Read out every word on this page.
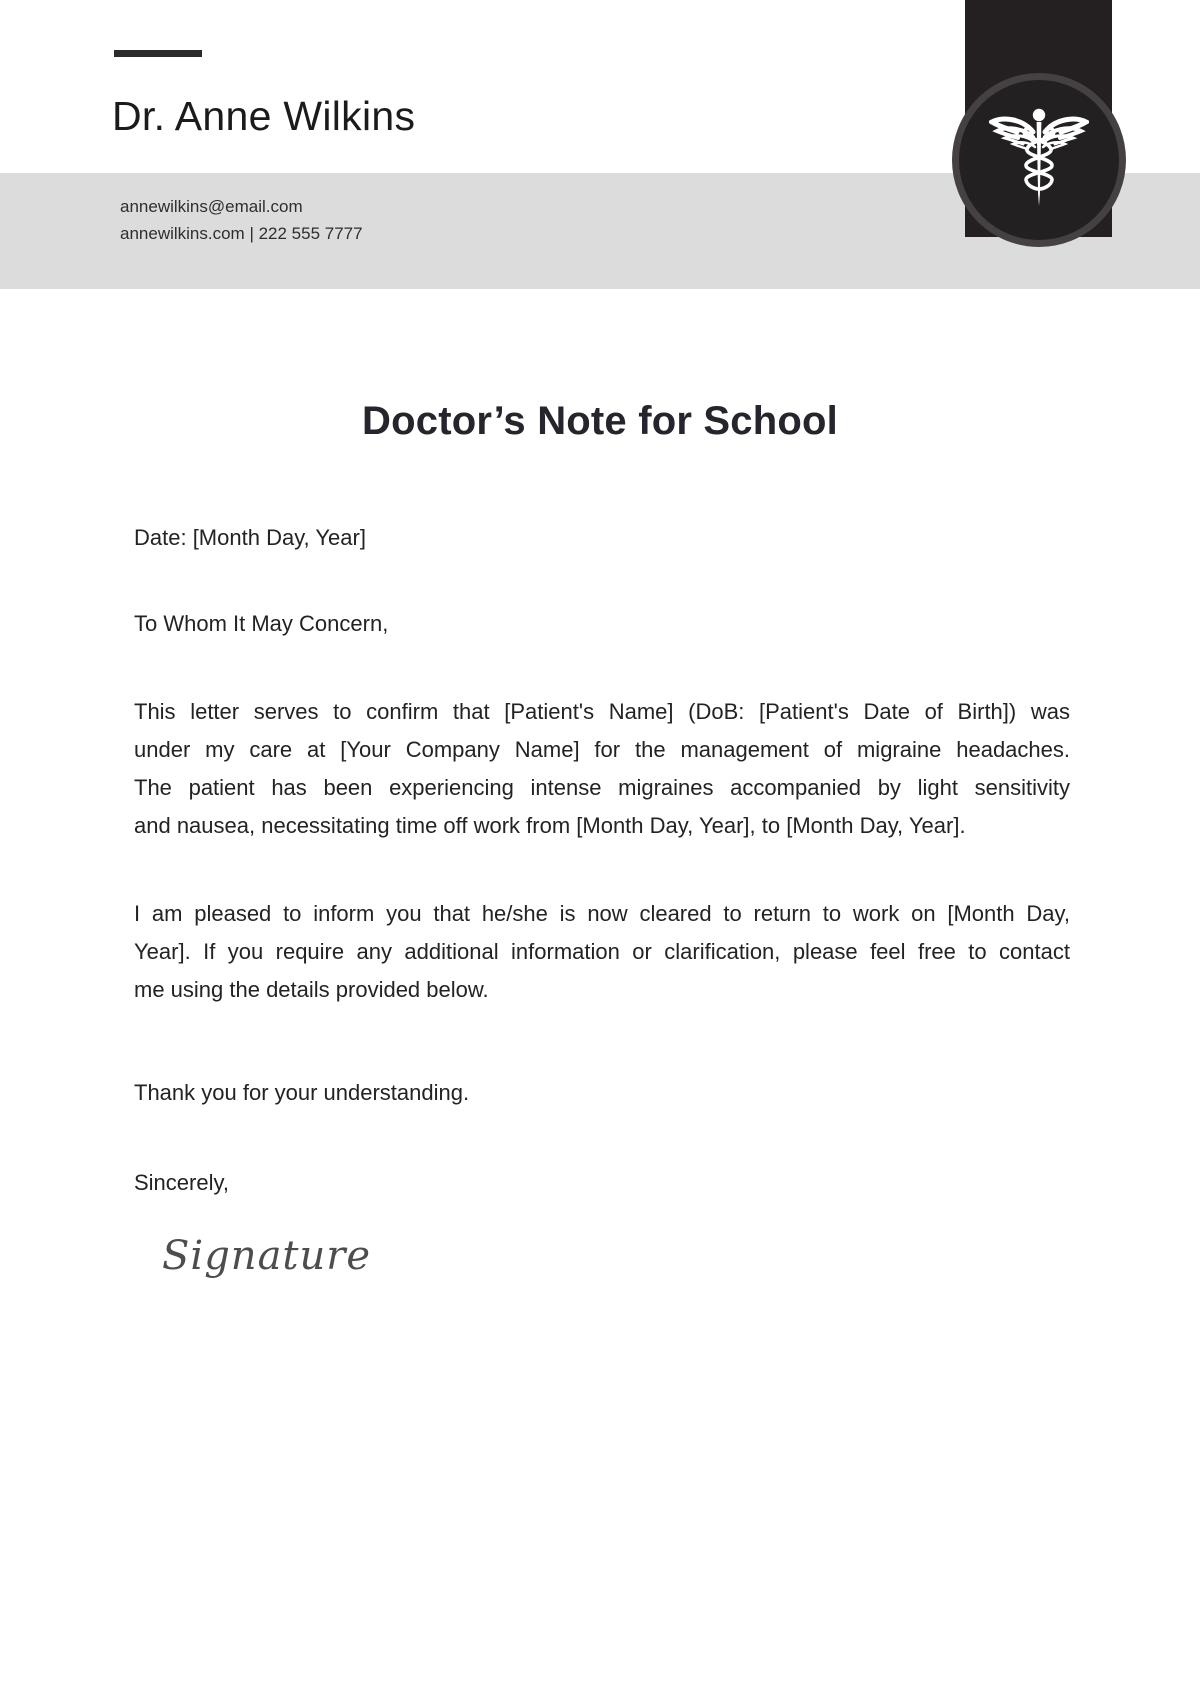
Dr. Anne Wilkins
annewilkins@email.com
annewilkins.com | 222 555 7777
Doctor’s Note for School
Date: [Month Day, Year]
To Whom It May Concern,
This letter serves to confirm that [Patient's Name] (DoB: [Patient's Date of Birth]) was
under my care at [Your Company Name] for the management of migraine headaches.
The patient has been experiencing intense migraines accompanied by light sensitivity
and nausea, necessitating time off work from [Month Day, Year], to [Month Day, Year].
I am pleased to inform you that he/she is now cleared to return to work on [Month Day,
Year]. If you require any additional information or clarification, please feel free to contact
me using the details provided below.
Thank you for your understanding.
Sincerely,
Signature
